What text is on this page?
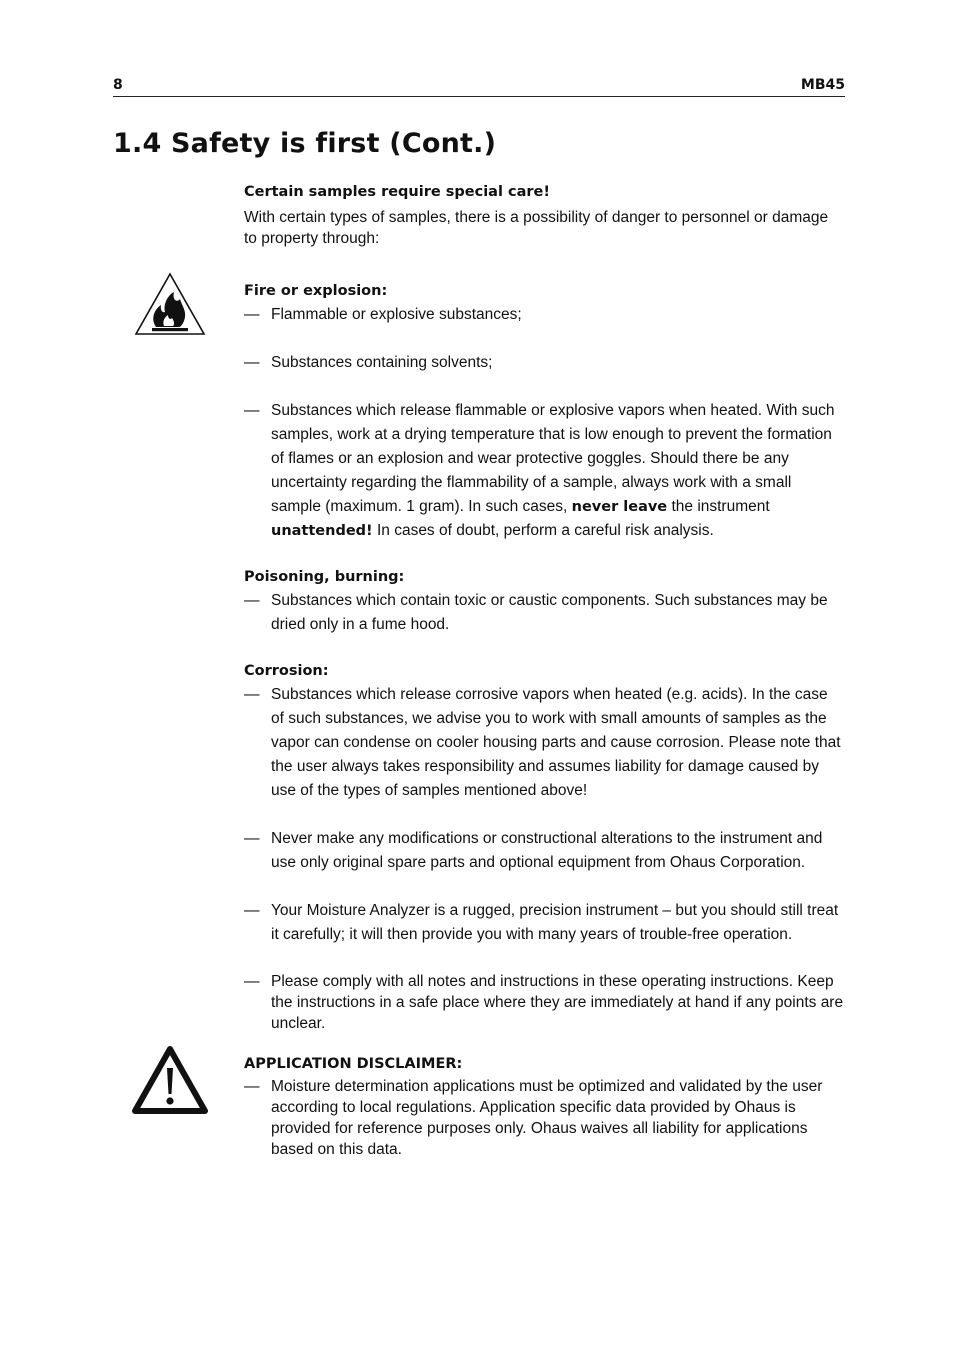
8	MB45
1.4 Safety is first (Cont.)

Certain samples require special care!

With certain types of samples, there is a possibility of danger to personnel or damage to property through:

Fire or explosion:

— Flammable or explosive substances;
— Substances containing solvents;
— Substances which release flammable or explosive vapors when heated. With such samples, work at a drying temperature that is low enough to prevent the formation of flames or an explosion and wear protective goggles. Should there be any uncertainty regarding the flammability of a sample, always work with a small sample (maximum. 1 gram). In such cases, never leave the instrument unattended! In cases of doubt, perform a careful risk analysis.

Poisoning, burning:

— Substances which contain toxic or caustic components. Such substances may be dried only in a fume hood.

Corrosion:

— Substances which release corrosive vapors when heated (e.g. acids). In the case of such substances, we advise you to work with small amounts of samples as the vapor can condense on cooler housing parts and cause corrosion. Please note that the user always takes responsibility and assumes liability for damage caused by use of the types of samples mentioned above!
— Never make any modifications or constructional alterations to the instrument and use only original spare parts and optional equipment from Ohaus Corporation.
— Your Moisture Analyzer is a rugged, precision instrument – but you should still treat it carefully; it will then provide you with many years of trouble-free operation.
— Please comply with all notes and instructions in these operating instructions. Keep the instructions in a safe place where they are immediately at hand if any points are unclear.

APPLICATION DISCLAIMER:

— Moisture determination applications must be optimized and validated by the user according to local regulations. Application specific data provided by Ohaus is provided for reference purposes only. Ohaus waives all liability for applications based on this data.
